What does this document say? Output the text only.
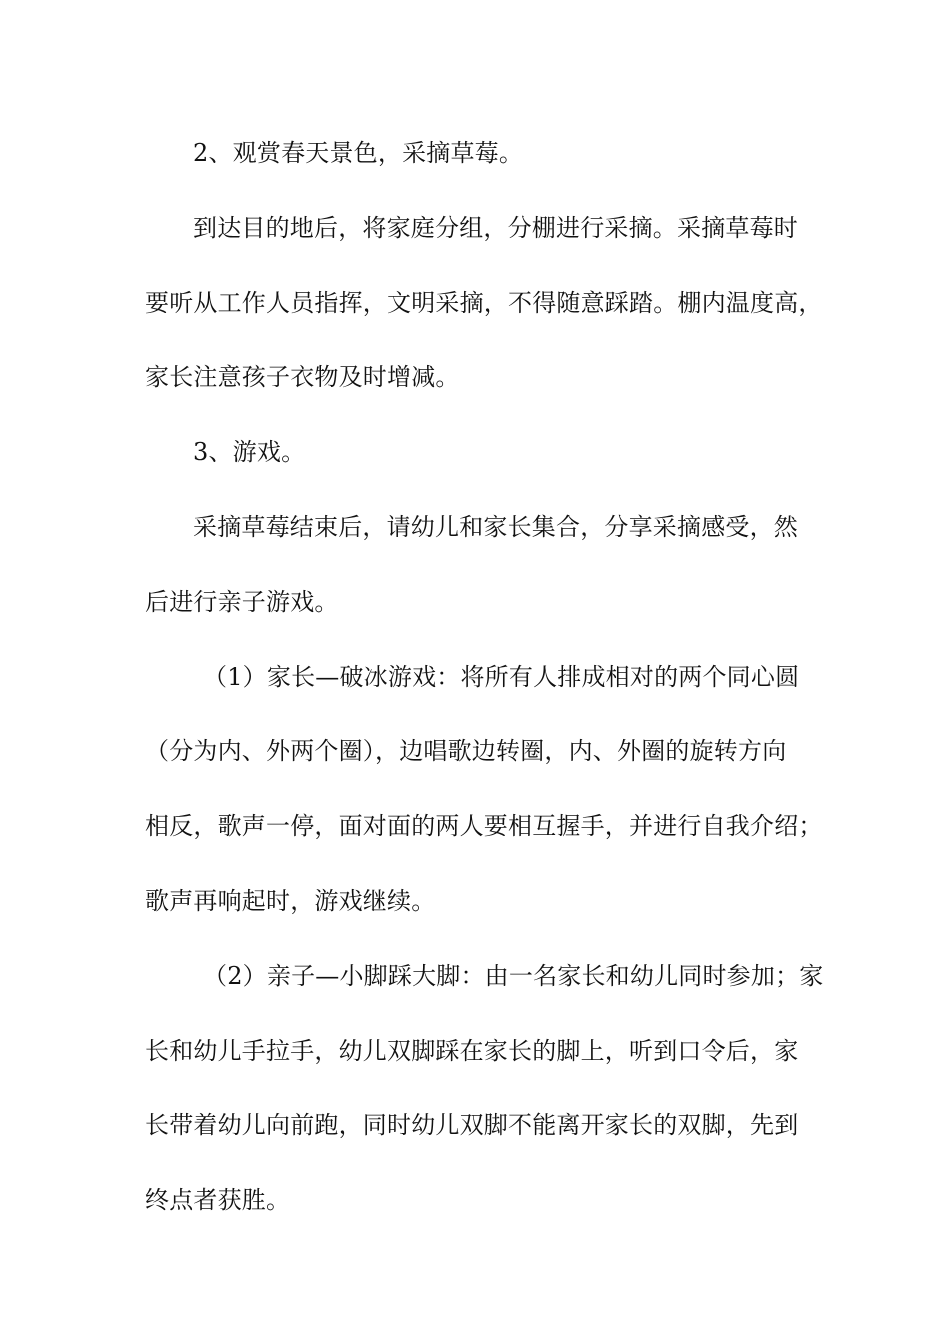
2、观赏春天景色，采摘草莓。
到达目的地后，将家庭分组，分棚进行采摘。采摘草莓时
要听从工作人员指挥，文明采摘，不得随意踩踏。棚内温度高，
家长注意孩子衣物及时增减。
3、游戏。
采摘草莓结束后，请幼儿和家长集合，分享采摘感受，然
后进行亲子游戏。
（1）家长—破冰游戏：将所有人排成相对的两个同心圆
（分为内、外两个圈），边唱歌边转圈，内、外圈的旋转方向
相反，歌声一停，面对面的两人要相互握手，并进行自我介绍；
歌声再响起时，游戏继续。
（2）亲子—小脚踩大脚：由一名家长和幼儿同时参加；家
长和幼儿手拉手，幼儿双脚踩在家长的脚上，听到口令后，家
长带着幼儿向前跑，同时幼儿双脚不能离开家长的双脚，先到
终点者获胜。
